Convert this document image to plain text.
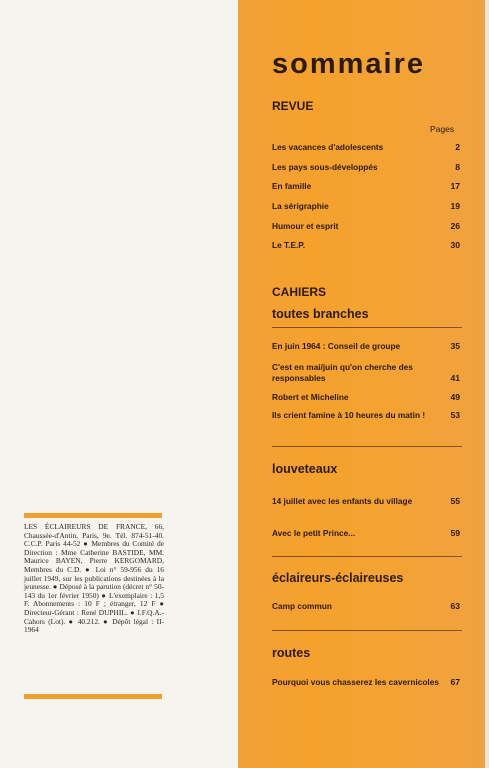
LES ÉCLAIREURS DE FRANCE, 66, Chaussée-d'Antin, Paris, 9e. Tél. 874-51-40. C.C.P. Paris 44-52 ● Membres du Comité de Direction : Mme Catherine BASTIDE, MM. Maurice BAYEN, Pierre KERGOMARD, Membres du C.D. ● Loi n° 59-956 du 16 juillet 1949, sur les publications destinées à la jeunesse. ● Déposé à la parution (décret n° 50-143 du 1er février 1950) ● L'exemplaire : 1,5 F. Abonnements : 10 F ; étranger, 12 F ● Directeur-Gérant : René DUPHIL. ● I.F.Q.A.-Cahors (Lot). ● 40.212. ● Dépôt légal : II-1964
sommaire
REVUE
Pages
Les vacances d'adolescents	2
Les pays sous-développés	8
En famille	17
La sérigraphie	19
Humour et esprit	26
Le T.E.P.	30
CAHIERS
toutes branches
En juin 1964 : Conseil de groupe	35
C'est en mai/juin qu'on cherche des responsables	41
Robert et Micheline	49
Ils crient famine à 10 heures du matin !	53
louveteaux
14 juillet avec les enfants du village	55
Avec le petit Prince...	59
éclaireurs-éclaireuses
Camp commun	63
routes
Pourquoi vous chasserez les cavernicoles 67
